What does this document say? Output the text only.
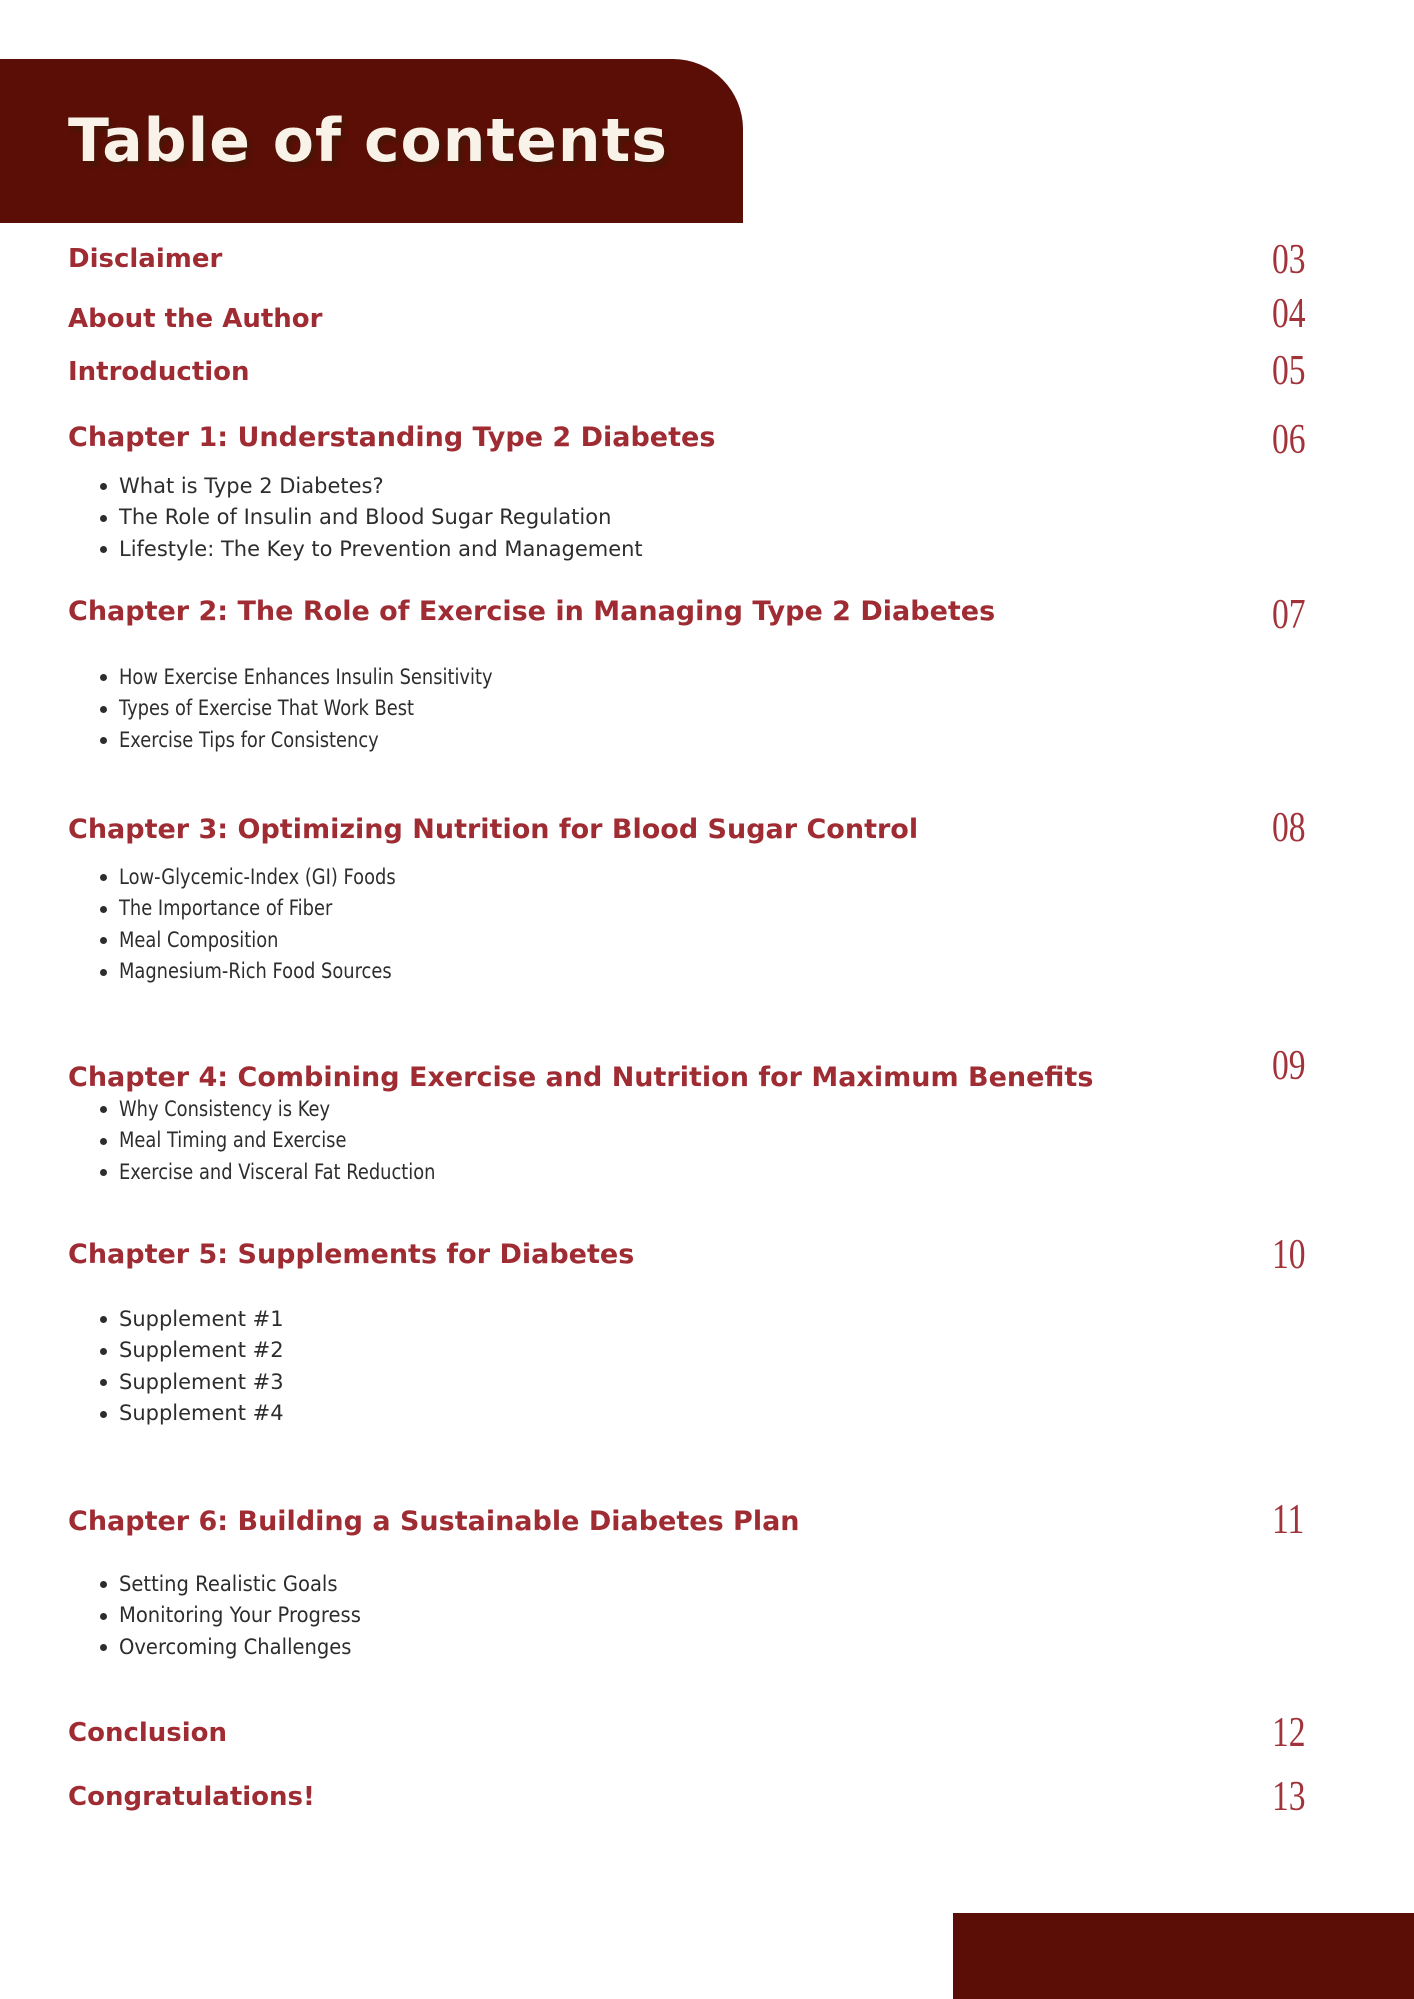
Table of contents
Disclaimer	03
About the Author	04
Introduction	05
Chapter 1: Understanding Type 2 Diabetes	06
What is Type 2 Diabetes?
The Role of Insulin and Blood Sugar Regulation
Lifestyle: The Key to Prevention and Management
Chapter 2: The Role of Exercise in Managing Type 2 Diabetes	07
How Exercise Enhances Insulin Sensitivity
Types of Exercise That Work Best
Exercise Tips for Consistency
Chapter 3: Optimizing Nutrition for Blood Sugar Control	08
Low-Glycemic-Index (GI) Foods
The Importance of Fiber
Meal Composition
Magnesium-Rich Food Sources
Chapter 4: Combining Exercise and Nutrition for Maximum Benefits	09
Why Consistency is Key
Meal Timing and Exercise
Exercise and Visceral Fat Reduction
Chapter 5: Supplements for Diabetes	10
Supplement #1
Supplement #2
Supplement #3
Supplement #4
Chapter 6: Building a Sustainable Diabetes Plan	11
Setting Realistic Goals
Monitoring Your Progress
Overcoming Challenges
Conclusion	12
Congratulations!	13
